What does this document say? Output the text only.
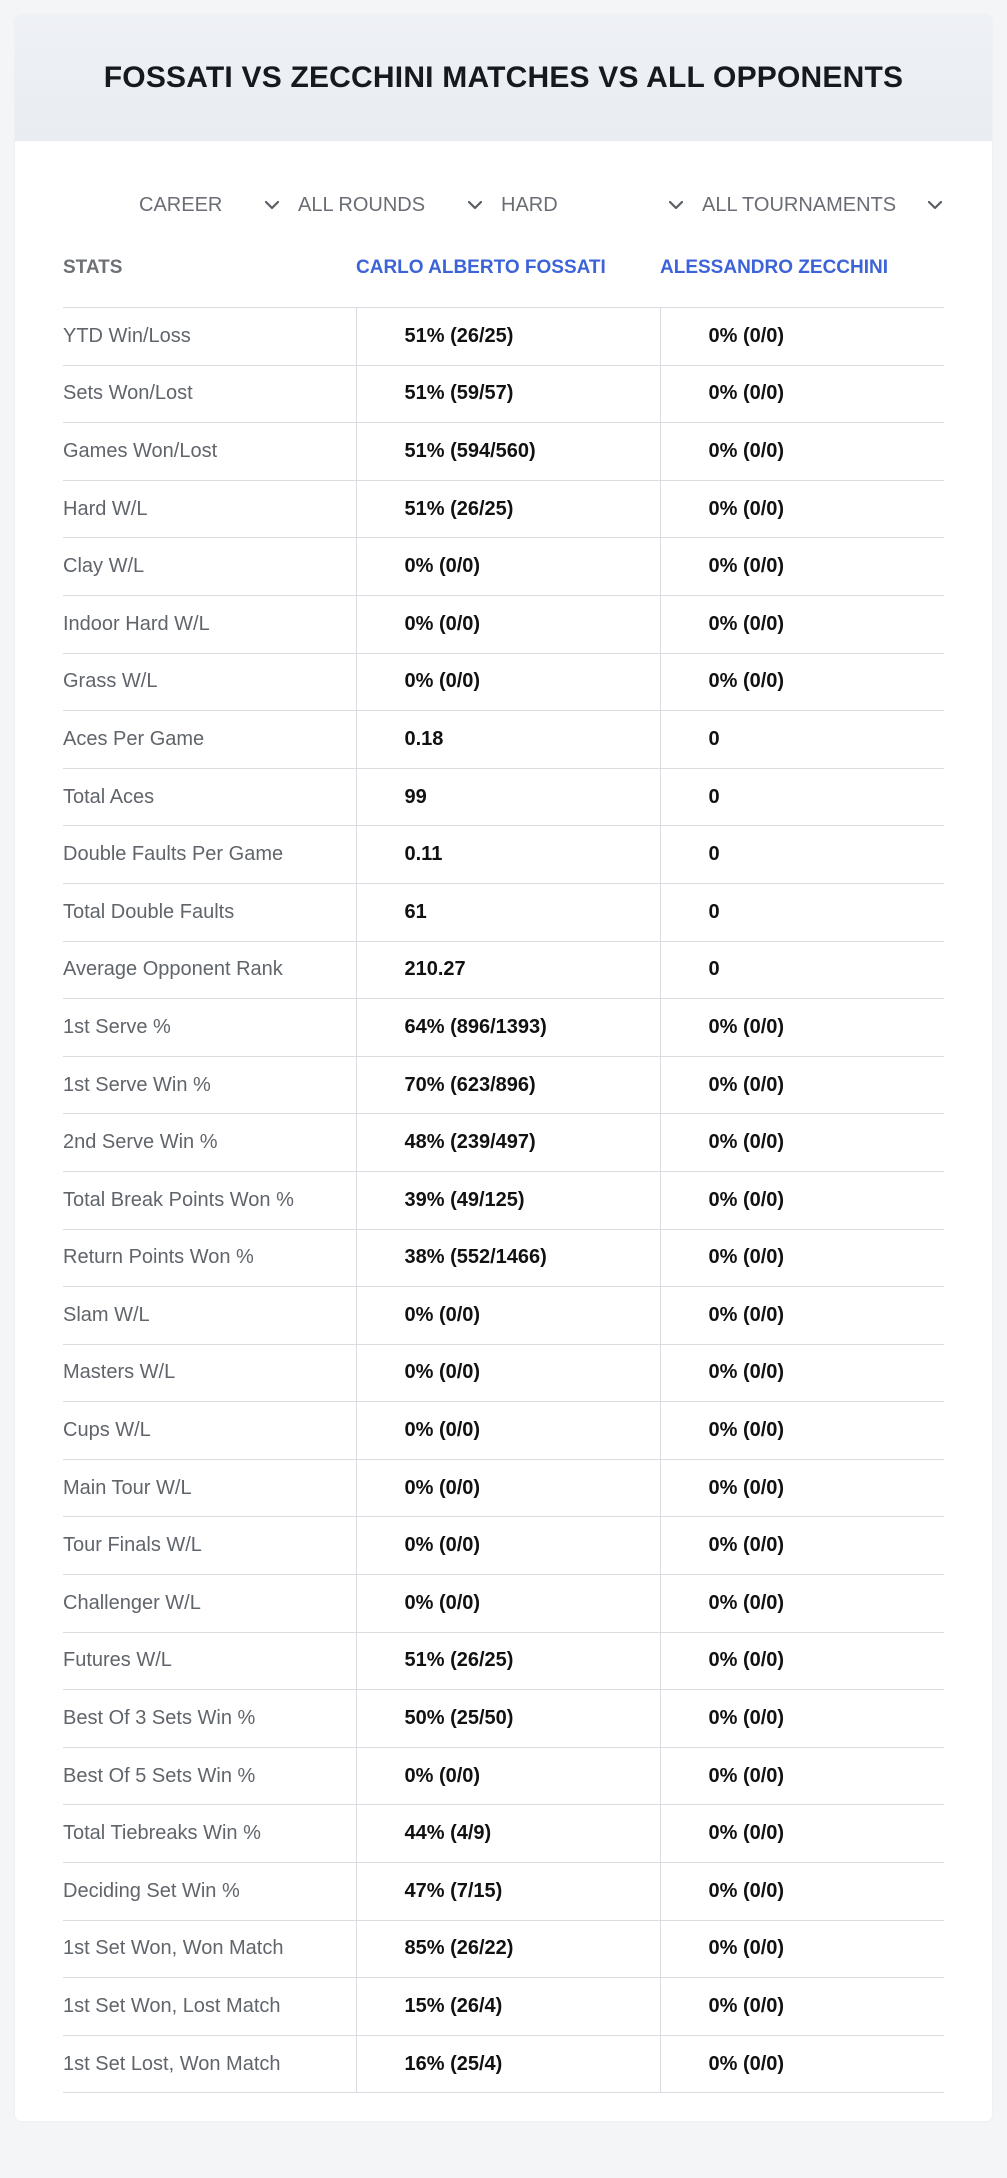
FOSSATI VS ZECCHINI MATCHES VS ALL OPPONENTS
CAREER	ALL ROUNDS	HARD	ALL TOURNAMENTS
STATS	CARLO ALBERTO FOSSATI	ALESSANDRO ZECCHINI
YTD Win/Loss	51% (26/25)	0% (0/0)
Sets Won/Lost	51% (59/57)	0% (0/0)
Games Won/Lost	51% (594/560)	0% (0/0)
Hard W/L	51% (26/25)	0% (0/0)
Clay W/L	0% (0/0)	0% (0/0)
Indoor Hard W/L	0% (0/0)	0% (0/0)
Grass W/L	0% (0/0)	0% (0/0)
Aces Per Game	0.18	0
Total Aces	99	0
Double Faults Per Game	0.11	0
Total Double Faults	61	0
Average Opponent Rank	210.27	0
1st Serve %	64% (896/1393)	0% (0/0)
1st Serve Win %	70% (623/896)	0% (0/0)
2nd Serve Win %	48% (239/497)	0% (0/0)
Total Break Points Won %	39% (49/125)	0% (0/0)
Return Points Won %	38% (552/1466)	0% (0/0)
Slam W/L	0% (0/0)	0% (0/0)
Masters W/L	0% (0/0)	0% (0/0)
Cups W/L	0% (0/0)	0% (0/0)
Main Tour W/L	0% (0/0)	0% (0/0)
Tour Finals W/L	0% (0/0)	0% (0/0)
Challenger W/L	0% (0/0)	0% (0/0)
Futures W/L	51% (26/25)	0% (0/0)
Best Of 3 Sets Win %	50% (25/50)	0% (0/0)
Best Of 5 Sets Win %	0% (0/0)	0% (0/0)
Total Tiebreaks Win %	44% (4/9)	0% (0/0)
Deciding Set Win %	47% (7/15)	0% (0/0)
1st Set Won, Won Match	85% (26/22)	0% (0/0)
1st Set Won, Lost Match	15% (26/4)	0% (0/0)
1st Set Lost, Won Match	16% (25/4)	0% (0/0)
